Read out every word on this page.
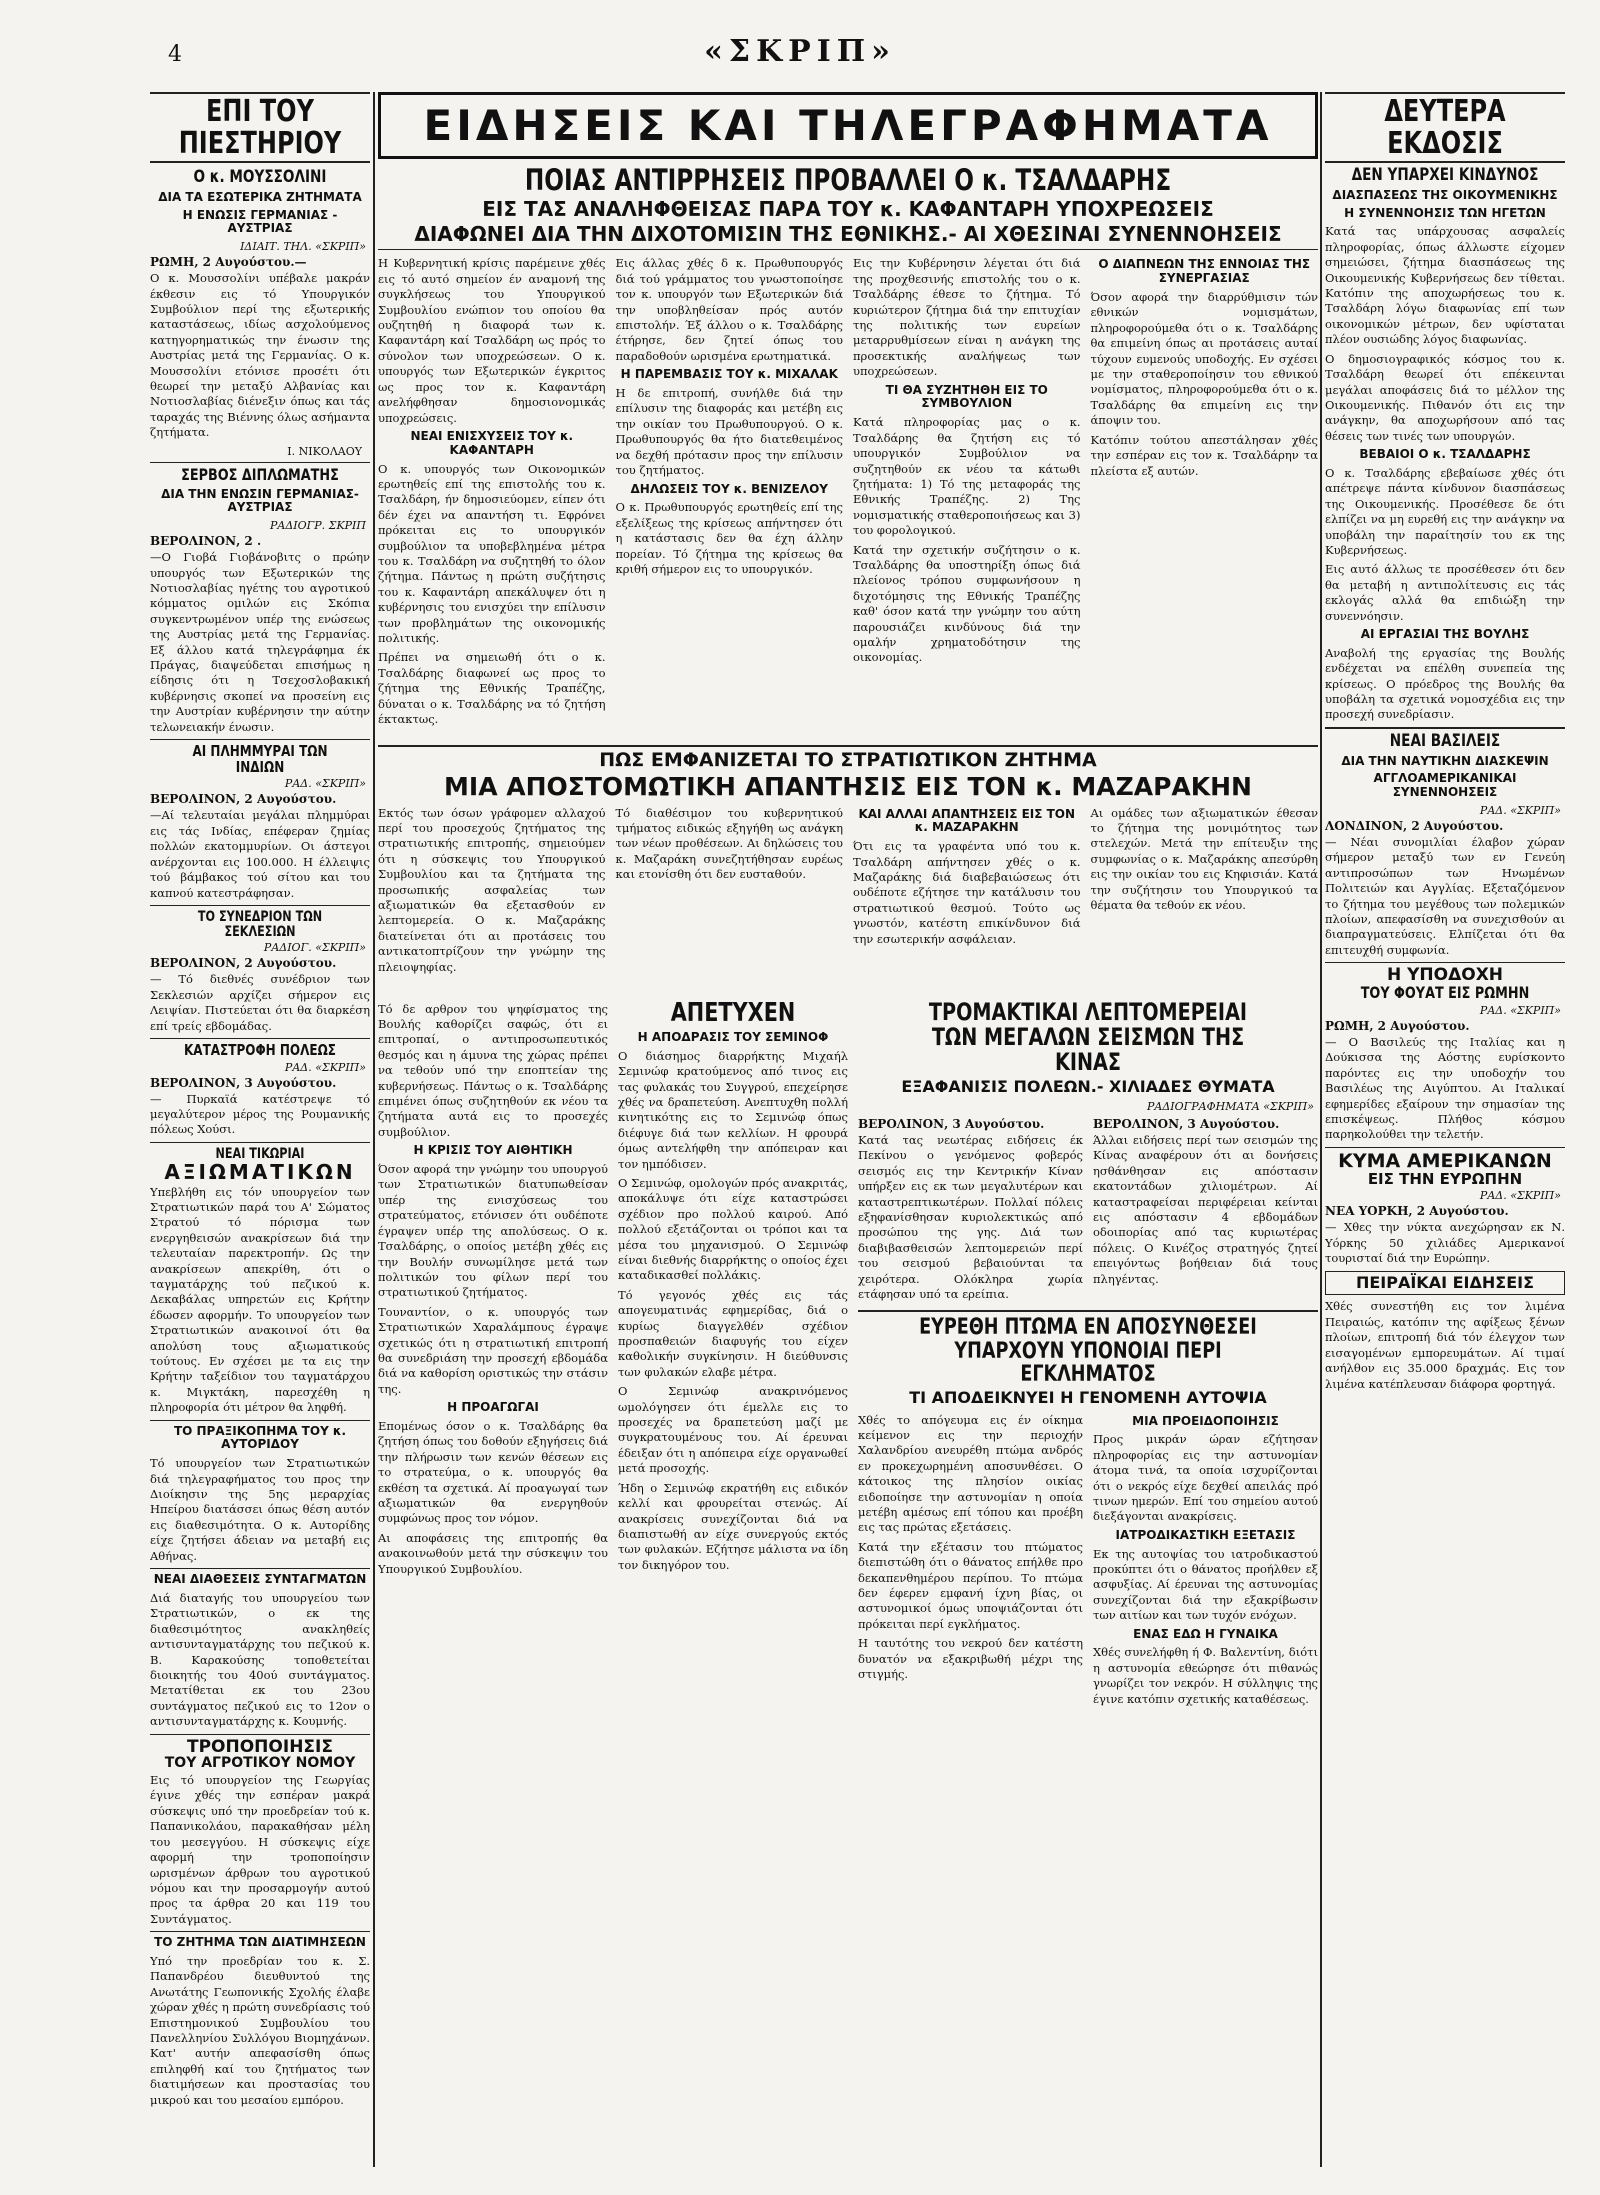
4	«ΣΚΡΙΠ»
ΕΠΙ ΤΟΥ ΠΙΕΣΤΗΡΙΟΥ
Ο κ. ΜΟΥΣΣΟΛΙΝΙ
ΔΙΑ ΤΑ ΕΣΩΤΕΡΙΚΑ ΖΗΤΗΜΑΤΑ
Η ΕΝΩΣΙΣ ΓΕΡΜΑΝΙΑΣ - ΑΥΣΤΡΙΑΣ
ΙΔΙΑΙΤ. ΤΗΛ. «ΣΚΡΙΠ»
ΡΩΜΗ, 2 Αυγούστου.—

Ο κ. Μουσσολίνι υπέβαλε μακράν έκθεσιν εις τό Υπουργικόν Συμβούλιον περί της εξωτερικής καταστάσεως, ιδίως ασχολούμενος κατηγορηματικώς την ένωσιν της Αυστρίας μετά της Γερμανίας. Ο κ. Μουσσολίνι ετόνισε προσέτι ότι θεωρεί την μεταξύ Αλβανίας και Νοτιοσλαβίας διένεξιν όπως και τάς ταραχάς της Βιέννης όλως ασήμαντα ζητήματα.

Ι. ΝΙΚΟΛΑΟΥ
ΣΕΡΒΟΣ ΔΙΠΛΩΜΑΤΗΣ
ΔΙΑ ΤΗΝ ΕΝΩΣΙΝ ΓΕΡΜΑΝΙΑΣ-ΑΥΣΤΡΙΑΣ
ΡΑΔΙΟΓΡ. ΣΚΡΙΠ
ΒΕΡΟΛΙΝΟΝ, 2 .

—Ο Γιοβά Γιοβάνοβιτς ο πρώην υπουργός των Εξωτερικών της Νοτιοσλαβίας ηγέτης του αγροτικού κόμματος ομιλών εις Σκόπια συγκεντρωμένον υπέρ της ενώσεως της Αυστρίας μετά της Γερμανίας. Εξ άλλου κατά τηλεγράφημα έκ Πράγας, διαψεύδεται επισήμως η είδησις ότι η Τσεχοσλοβακική κυβέρνησις σκοπεί να προσείνη εις την Αυστρίαν κυβέρνησιν την αύτην τελωνειακήν ένωσιν.

ΑΙ ΠΛΗΜΜΥΡΑΙ ΤΩΝ ΙΝΔΙΩΝ
ΡΑΔ. «ΣΚΡΙΠ»
ΒΕΡΟΛΙΝΟΝ, 2 Αυγούστου.

—Αί τελευταίαι μεγάλαι πλημμύραι εις τάς Ινδίας, επέφεραν ζημίας πολλών εκατομμυρίων. Οι άστεγοι ανέρχονται εις 100.000. Η έλλειψις τού βάμβακος τού σίτου και του καπνού κατεστράφησαν.

ΤΟ ΣΥΝΕΔΡΙΟΝ ΤΩΝ ΣΕΚΛΕΣΙΩΝ
ΡΑΔΙΟΓ. «ΣΚΡΙΠ»
ΒΕΡΟΛΙΝΟΝ, 2 Αυγούστου.

— Τό διεθνές συνέδριον των Σεκλεσιών αρχίζει σήμερον εις Λειψίαν. Πιστεύεται ότι θα διαρκέση επί τρείς εβδομάδας.

ΚΑΤΑΣΤΡΟΦΗ ΠΟΛΕΩΣ
ΡΑΔ. «ΣΚΡΙΠ»
ΒΕΡΟΛΙΝΟΝ, 3 Αυγούστου.

— Πυρκαϊά κατέστρεψε τό μεγαλύτερον μέρος της Ρουμανικής πόλεως Χούσι.

ΝΕΑΙ ΤΙΚΩΡΙΑΙ
ΑΞΙΩΜΑΤΙΚΩΝ

Υπεβλήθη εις τόν υπουργείον των Στρατιωτικών παρά του Α' Σώματος Στρατού τό πόρισμα των ενεργηθεισών ανακρίσεων διά την τελευταίαν παρεκτροπήν. Ως την ανακρίσεων απεκρίθη, ότι ο ταγματάρχης τού πεζικού κ. Δεκαβάλας υπηρετών εις Κρήτην έδωσεν αφορμήν. Το υπουργείον των Στρατιωτικών ανακοινοί ότι θα απολύση τους αξιωματικούς τούτους. Εν σχέσει με τα εις την Κρήτην ταξείδιον του ταγματάρχου κ. Μιγκτάκη, παρεσχέθη η πληροφορία ότι μέτρον θα ληφθή.

ΤΟ ΠΡΑΞΙΚΟΠΗΜΑ ΤΟΥ κ. ΑΥΤΟΡΙΔΟΥ

Τό υπουργείον των Στρατιωτικών διά τηλεγραφήματος του προς την Διοίκησιν της 5ης μεραρχίας Ηπείρου διατάσσει όπως θέση αυτόν εις διαθεσιμότητα. Ο κ. Αυτορίδης είχε ζητήσει άδειαν να μεταβή εις Αθήνας.

ΝΕΑΙ ΔΙΑΘΕΣΕΙΣ ΣΥΝΤΑΓΜΑΤΩΝ

Διά διαταγής του υπουργείου των Στρατιωτικών, ο εκ της διαθεσιμότητος ανακληθείς αντισυνταγματάρχης του πεζικού κ. Β. Καρακούσης τοποθετείται διοικητής του 40ού συντάγματος. Μετατίθεται εκ του 23ου συντάγματος πεζικού εις το 12ον ο αντισυνταγματάρχης κ. Κουμνής.

ΤΡΟΠΟΠΟΙΗΣΙΣ
ΤΟΥ ΑΓΡΟΤΙΚΟΥ ΝΟΜΟΥ

Εις τό υπουργείον της Γεωργίας έγινε χθές την εσπέραν μακρά σύσκεψις υπό την προεδρείαν τού κ. Παπανικολάου, παρακαθήσαν μέλη του μεσεγγύου. Η σύσκεψις είχε αφορμή την τροποποίησιν ωρισμένων άρθρων του αγροτικού νόμου και την προσαρμογήν αυτού προς τα άρθρα 20 και 119 του Συντάγματος.

ΤΟ ΖΗΤΗΜΑ ΤΩΝ ΔΙΑΤΙΜΗΣΕΩΝ

Υπό την προεδρίαν του κ. Σ. Παπανδρέου διευθυντού της Ανωτάτης Γεωπονικής Σχολής έλαβε χώραν χθές η πρώτη συνεδρίασις τού Επιστημονικού Συμβουλίου του Πανελληνίου Συλλόγου Βιομηχάνων. Κατ' αυτήν απεφασίσθη όπως επιληφθή καί του ζητήματος των διατιμήσεων και προστασίας του μικρού και του μεσαίου εμπόρου.

ΕΙΔΗΣΕΙΣ ΚΑΙ ΤΗΛΕΓΡΑΦΗΜΑΤΑ
ΠΟΙΑΣ ΑΝΤΙΡΡΗΣΕΙΣ ΠΡΟΒΑΛΛΕΙ Ο κ. ΤΣΑΛΔΑΡΗΣ
ΕΙΣ ΤΑΣ ΑΝΑΛΗΦΘΕΙΣΑΣ ΠΑΡΑ ΤΟΥ κ. ΚΑΦΑΝΤΑΡΗ ΥΠΟΧΡΕΩΣΕΙΣ
ΔΙΑΦΩΝΕΙ ΔΙΑ ΤΗΝ ΔΙΧΟΤΟΜΙΣΙΝ ΤΗΣ ΕΘΝΙΚΗΣ.- ΑΙ ΧΘΕΣΙΝΑΙ ΣΥΝΕΝΝΟΗΣΕΙΣ

Η Κυβερνητική κρίσις παρέμεινε χθές εις τό αυτό σημείον έν αναμονή της συγκλήσεως του Υπουργικού Συμβουλίου ενώπιον του οποίου θα ουζητηθή η διαφορά των κ. Καφαντάρη καί Τσαλδάρη ως πρός το σύνολον των υποχρεώσεων. Ο κ. υπουργός των Εξωτερικών έγκριτος ως προς τον κ. Καφαντάρη ανελήφθησαν δημοσιονομικάς υποχρεώσεις.

ΝΕΑΙ ΕΝΙΣΧΥΣΕΙΣ ΤΟΥ κ. ΚΑΦΑΝΤΑΡΗ

Ο κ. υπουργός των Οικονομικών ερωτηθείς επί της επιστολής του κ. Τσαλδάρη, ήν δημοσιεύομεν, είπεν ότι δέν έχει να απαντήση τι. Εφρόνει πρόκειται εις το υπουργικόν συμβούλιον τα υποβεβλημένα μέτρα του κ. Τσαλδάρη να συζητηθή το όλον ζήτημα. Πάντως η πρώτη συζήτησις του κ. Καφαντάρη απεκάλυψεν ότι η κυβέρνησις του ενισχύει την επίλυσιν των προβλημάτων της οικονομικής πολιτικής.

Πρέπει να σημειωθή ότι ο κ. Τσαλδάρης διαφωνεί ως προς το ζήτημα της Εθνικής Τραπέζης, δύναται ο κ. Τσαλδάρης να τό ζητήση έκτακτως.

Εις άλλας χθές δ κ. Πρωθυπουργός διά τού γράμματος του γνωστοποίησε τον κ. υπουργόν των Εξωτερικών διά την υποβληθείσαν πρός αυτόν επιστολήν. Έξ άλλου ο κ. Τσαλδάρης έτήρησε, δεν ζητεί όπως του παραδοθούν ωρισμένα ερωτηματικά.

Η ΠΑΡΕΜΒΑΣΙΣ ΤΟΥ κ. ΜΙΧΑΛΑΚ

Η δε επιτροπή, συνήλθε διά την επίλυσιν της διαφοράς και μετέβη εις την οικίαν του Πρωθυπουργού. Ο κ. Πρωθυπουργός θα ήτο διατεθειμένος να δεχθή πρότασιν προς την επίλυσιν του ζητήματος.

ΔΗΛΩΣΕΙΣ ΤΟΥ κ. ΒΕΝΙΖΕΛΟΥ

Ο κ. Πρωθυπουργός ερωτηθείς επί της εξελίξεως της κρίσεως απήντησεν ότι η κατάστασις δεν θα έχη άλλην πορείαν. Τό ζήτημα της κρίσεως θα κριθή σήμερον εις το υπουργικόν.

Εις την Κυβέρνησιν λέγεται ότι διά της προχθεσινής επιστολής του ο κ. Τσαλδάρης έθεσε το ζήτημα. Τό κυριώτερον ζήτημα διά την επιτυχίαν της πολιτικής των ευρείων μεταρρυθμίσεων είναι η ανάγκη της προσεκτικής αναλήψεως των υποχρεώσεων.

ΤΙ ΘΑ ΣΥΖΗΤΗΘΗ ΕΙΣ ΤΟ ΣΥΜΒΟΥΛΙΟΝ

Κατά πληροφορίας μας ο κ. Τσαλδάρης θα ζητήση εις τό υπουργικόν Συμβούλιον να συζητηθούν εκ νέου τα κάτωθι ζητήματα: 1) Τό της μεταφοράς της Εθνικής Τραπέζης. 2) Της νομισματικής σταθεροποιήσεως και 3) του φορολογικού.

Κατά την σχετικήν συζήτησιν ο κ. Τσαλδάρης θα υποστηρίξη όπως διά πλείονος τρόπου συμφωνήσουν η διχοτόμησις της Εθνικής Τραπέζης καθ' όσον κατά την γνώμην του αύτη παρουσιάζει κινδύνους διά την ομαλήν χρηματοδότησιν της οικονομίας.

Ο ΔΙΑΠΝΕΩΝ ΤΗΣ ΕΝΝΟΙΑΣ ΤΗΣ ΣΥΝΕΡΓΑΣΙΑΣ

Όσον αφορά την διαρρύθμισιν τών εθνικών νομισμάτων, πληροφορούμεθα ότι ο κ. Τσαλδάρης θα επιμείνη όπως αι προτάσεις αυταί τύχουν ευμενούς υποδοχής. Εν σχέσει με την σταθεροποίησιν του εθνικού νομίσματος, πληροφορούμεθα ότι ο κ. Τσαλδάρης θα επιμείνη εις την άποψιν του.

Κατόπιν τούτου απεστάλησαν χθές την εσπέραν εις τον κ. Τσαλδάρην τα πλείστα εξ αυτών.

ΠΩΣ ΕΜΦΑΝΙΖΕΤΑΙ ΤΟ ΣΤΡΑΤΙΩΤΙΚΟΝ ΖΗΤΗΜΑ
ΜΙΑ ΑΠΟΣΤΟΜΩΤΙΚΗ ΑΠΑΝΤΗΣΙΣ ΕΙΣ ΤΟΝ κ. ΜΑΖΑΡΑΚΗΝ

Εκτός των όσων γράφομεν αλλαχού περί του προσεχούς ζητήματος της στρατιωτικής επιτροπής, σημειούμεν ότι η σύσκεψις του Υπουργικού Συμβουλίου και τα ζητήματα της προσωπικής ασφαλείας των αξιωματικών θα εξετασθούν εν λεπτομερεία. Ο κ. Μαζαράκης διατείνεται ότι αι προτάσεις του αντικατοπτρίζουν την γνώμην της πλειοψηφίας.

Τό διαθέσιμον του κυβερνητικού τμήματος ειδικώς εξηγήθη ως ανάγκη των νέων προθέσεων. Αι δηλώσεις του κ. Μαζαράκη συνεζητήθησαν ευρέως και ετονίσθη ότι δεν ευσταθούν.

ΚΑΙ ΑΛΛΑΙ ΑΠΑΝΤΗΣΕΙΣ ΕΙΣ ΤΟΝ κ. ΜΑΖΑΡΑΚΗΝ

Ότι εις τα γραφέντα υπό του κ. Τσαλδάρη απήντησεν χθές ο κ. Μαζαράκης διά διαβεβαιώσεως ότι ουδέποτε εζήτησε την κατάλυσιν του στρατιωτικού θεσμού. Τούτο ως γνωστόν, κατέστη επικίνδυνον διά την εσωτερικήν ασφάλειαν.

Αι ομάδες των αξιωματικών έθεσαν το ζήτημα της μονιμότητος των στελεχών. Μετά την επίτευξιν της συμφωνίας ο κ. Μαζαράκης απεσύρθη εις την οικίαν του εις Κηφισιάν. Κατά την συζήτησιν του Υπουργικού τα θέματα θα τεθούν εκ νέου.

Τό δε αρθρον του ψηφίσματος της Βουλής καθορίζει σαφώς, ότι ει επιτροπαί, ο αντιπροσωπευτικός θεσμός και η άμυνα της χώρας πρέπει να τεθούν υπό την εποπτείαν της κυβερνήσεως. Πάντως ο κ. Τσαλδάρης επιμένει όπως συζητηθούν εκ νέου τα ζητήματα αυτά εις το προσεχές συμβούλιον.

Η ΚΡΙΣΙΣ ΤΟΥ ΑΙΘΗΤΙΚΗ

Όσον αφορά την γνώμην του υπουργού των Στρατιωτικών διατυπωθείσαν υπέρ της ενισχύσεως του στρατεύματος, ετόνισεν ότι ουδέποτε έγραψεν υπέρ της απολύσεως. Ο κ. Τσαλδάρης, ο οποίος μετέβη χθές εις την Βουλήν συνωμίλησε μετά των πολιτικών του φίλων περί του στρατιωτικού ζητήματος.

Τουναντίον, ο κ. υπουργός των Στρατιωτικών Χαραλάμπους έγραψε σχετικώς ότι η στρατιωτική επιτροπή θα συνεδριάση την προσεχή εβδομάδα διά να καθορίση οριστικώς την στάσιν της.

Η ΠΡΟΑΓΩΓΑΙ

Επομένως όσον ο κ. Τσαλδάρης θα ζητήση όπως του δοθούν εξηγήσεις διά την πλήρωσιν των κενών θέσεων εις το στρατεύμα, ο κ. υπουργός θα εκθέση τα σχετικά. Αί προαγωγαί των αξιωματικών θα ενεργηθούν συμφώνως προς τον νόμον.

Αι αποφάσεις της επιτροπής θα ανακοινωθούν μετά την σύσκεψιν του Υπουργικού Συμβουλίου.

ΑΠΕΤΥΧΕΝ
Η ΑΠΟΔΡΑΣΙΣ ΤΟΥ ΣΕΜΙΝΟΦ

Ο διάσημος διαρρήκτης Μιχαήλ Σεμινώφ κρατούμενος από τινος εις τας φυλακάς του Συγγρού, επεχείρησε χθές να δραπετεύση. Ανεπτυχθη πολλή κινητικότης εις το Σεμινώφ όπως διέφυγε διά των κελλίων. Η φρουρά όμως αντελήφθη την απόπειραν και τον ημπόδισεν.

Ο Σεμινώφ, ομολογών πρός ανακριτάς, αποκάλυψε ότι είχε καταστρώσει σχέδιον προ πολλού καιρού. Από πολλού εξετάζονται οι τρόποι και τα μέσα του μηχανισμού. Ο Σεμινώφ είναι διεθνής διαρρήκτης ο οποίος έχει καταδικασθεί πολλάκις.

Τό γεγονός χθές εις τάς απογευματινάς εφημερίδας, διά ο κυρίως διαγγελθέν σχέδιον προσπαθειών διαφυγής του είχεν καθολικήν συγκίνησιν. Η διεύθυνσις των φυλακών ελαβε μέτρα.

Ο Σεμινώφ ανακρινόμενος ωμολόγησεν ότι έμελλε εις το προσεχές να δραπετεύση μαζί με συγκρατουμένους του. Αί έρευναι έδειξαν ότι η απόπειρα είχε οργανωθεί μετά προσοχής.

Ήδη ο Σεμινώφ εκρατήθη εις ειδικόν κελλί και φρουρείται στενώς. Αί ανακρίσεις συνεχίζονται διά να διαπιστωθή αν είχε συνεργούς εκτός των φυλακών. Εζήτησε μάλιστα να ίδη τον δικηγόρον του.

ΤΡΟΜΑΚΤΙΚΑΙ ΛΕΠΤΟΜΕΡΕΙΑΙ
ΤΩΝ ΜΕΓΑΛΩΝ ΣΕΙΣΜΩΝ ΤΗΣ ΚΙΝΑΣ
ΕΞΑΦΑΝΙΣΙΣ ΠΟΛΕΩΝ.- ΧΙΛΙΑΔΕΣ ΘΥΜΑΤΑ
ΡΑΔΙΟΓΡΑΦΗΜΑΤΑ «ΣΚΡΙΠ»
ΒΕΡΟΛΙΝΟΝ, 3 Αυγούστου.

Κατά τας νεωτέρας ειδήσεις έκ Πεκίνου ο γενόμενος φοβερός σεισμός εις την Κεντρικήν Κίναν υπήρξεν εις εκ των μεγαλυτέρων και καταστρεπτικωτέρων. Πολλαί πόλεις εξηφανίσθησαν κυριολεκτικώς από προσώπου της γης. Διά των διαβιβασθεισών λεπτομερειών περί του σεισμού βεβαιούνται τα χειρότερα. Ολόκληρα χωρία ετάφησαν υπό τα ερείπια.

ΒΕΡΟΛΙΝΟΝ, 3 Αυγούστου.

Άλλαι ειδήσεις περί των σεισμών της Κίνας αναφέρουν ότι αι δονήσεις ησθάνθησαν εις απόστασιν εκατοντάδων χιλιομέτρων. Αί καταστραφείσαι περιφέρειαι κείνται εις απόστασιν 4 εβδομάδων οδοιπορίας από τας κυριωτέρας πόλεις. Ο Κινέζος στρατηγός ζητεί επειγόντως βοήθειαν διά τους πληγέντας.

ΕΥΡΕΘΗ ΠΤΩΜΑ ΕΝ ΑΠΟΣΥΝΘΕΣΕΙ
ΥΠΑΡΧΟΥΝ ΥΠΟΝΟΙΑΙ ΠΕΡΙ ΕΓΚΛΗΜΑΤΟΣ
ΤΙ ΑΠΟΔΕΙΚΝΥΕΙ Η ΓΕΝΟΜΕΝΗ ΑΥΤΟΨΙΑ

Χθές το απόγευμα εις έν οίκημα κείμενον εις την περιοχήν Χαλανδρίου ανευρέθη πτώμα ανδρός εν προκεχωρημένη αποσυνθέσει. Ο κάτοικος της πλησίον οικίας ειδοποίησε την αστυνομίαν η οποία μετέβη αμέσως επί τόπου και προέβη εις τας πρώτας εξετάσεις.

Κατά την εξέτασιν του πτώματος διεπιστώθη ότι ο θάνατος επήλθε προ δεκαπενθημέρου περίπου. Το πτώμα δεν έφερεν εμφανή ίχνη βίας, οι αστυνομικοί όμως υποψιάζονται ότι πρόκειται περί εγκλήματος.

Η ταυτότης του νεκρού δεν κατέστη δυνατόν να εξακριβωθή μέχρι της στιγμής.

ΜΙΑ ΠΡΟΕΙΔΟΠΟΙΗΣΙΣ

Προς μικράν ώραν εζήτησαν πληροφορίας εις την αστυνομίαν άτομα τινά, τα οποία ισχυρίζονται ότι ο νεκρός είχε δεχθεί απειλάς πρό τινων ημερών. Επί του σημείου αυτού διεξάγονται ανακρίσεις.

ΙΑΤΡΟΔΙΚΑΣΤΙΚΗ ΕΞΕΤΑΣΙΣ

Εκ της αυτοψίας του ιατροδικαστού προκύπτει ότι ο θάνατος προήλθεν εξ ασφυξίας. Αί έρευναι της αστυνομίας συνεχίζονται διά την εξακρίβωσιν των αιτίων και των τυχόν ενόχων.

ΕΝΑΣ ΕΔΩ Η ΓΥΝΑΙΚΑ

Χθές συνελήφθη ή Φ. Βαλεντίνη, διότι η αστυνομία εθεώρησε ότι πιθανώς γνωρίζει τον νεκρόν. Η σύλληψις της έγινε κατόπιν σχετικής καταθέσεως.

ΔΕΥΤΕΡΑ ΕΚΔΟΣΙΣ
ΔΕΝ ΥΠΑΡΧΕΙ ΚΙΝΔΥΝΟΣ
ΔΙΑΣΠΑΣΕΩΣ ΤΗΣ ΟΙΚΟΥΜΕΝΙΚΗΣ
Η ΣΥΝΕΝΝΟΗΣΙΣ ΤΩΝ ΗΓΕΤΩΝ

Κατά τας υπάρχουσας ασφαλείς πληροφορίας, όπως άλλωστε είχομεν σημειώσει, ζήτημα διασπάσεως της Οικουμενικής Κυβερνήσεως δεν τίθεται. Κατόπιν της αποχωρήσεως του κ. Τσαλδάρη λόγω διαφωνίας επί των οικονομικών μέτρων, δεν υφίσταται πλέον ουσιώδης λόγος διαφωνίας.

Ο δημοσιογραφικός κόσμος του κ. Τσαλδάρη θεωρεί ότι επέκεινται μεγάλαι αποφάσεις διά το μέλλον της Οικουμενικής. Πιθανόν ότι εις την ανάγκην, θα αποχωρήσουν από τας θέσεις των τινές των υπουργών.

ΒΕΒΑΙΟΙ Ο κ. ΤΣΑΛΔΑΡΗΣ

Ο κ. Τσαλδάρης εβεβαίωσε χθές ότι απέτρεψε πάντα κίνδυνον διασπάσεως της Οικουμενικής. Προσέθεσε δε ότι ελπίζει να μη ευρεθή εις την ανάγκην να υποβάλη την παραίτησίν του εκ της Κυβερνήσεως.

Εις αυτό άλλως τε προσέθεσεν ότι δεν θα μεταβή η αντιπολίτευσις εις τάς εκλογάς αλλά θα επιδιώξη την συνεννόησιν.

ΑΙ ΕΡΓΑΣΙΑΙ ΤΗΣ ΒΟΥΛΗΣ

Αναβολή της εργασίας της Βουλής ενδέχεται να επέλθη συνεπεία της κρίσεως. Ο πρόεδρος της Βουλής θα υποβάλη τα σχετικά νομοσχέδια εις την προσεχή συνεδρίασιν.

ΝΕΑΙ ΒΑΣΙΛΕΙΣ
ΔΙΑ ΤΗΝ ΝΑΥΤΙΚΗΝ ΔΙΑΣΚΕΨΙΝ
ΑΓΓΛΟΑΜΕΡΙΚΑΝΙΚΑΙ ΣΥΝΕΝΝΟΗΣΕΙΣ
ΡΑΔ. «ΣΚΡΙΠ»
ΛΟΝΔΙΝΟΝ, 2 Αυγούστου.

— Νέαι συνομιλίαι έλαβον χώραν σήμερον μεταξύ των εν Γενεύη αντιπροσώπων των Ηνωμένων Πολιτειών και Αγγλίας. Εξεταζόμενον το ζήτημα του μεγέθους των πολεμικών πλοίων, απεφασίσθη να συνεχισθούν αι διαπραγματεύσεις. Ελπίζεται ότι θα επιτευχθή συμφωνία.

Η ΥΠΟΔΟΧΗ
ΤΟΥ ΦΟΥΑΤ ΕΙΣ ΡΩΜΗΝ
ΡΑΔ. «ΣΚΡΙΠ»
ΡΩΜΗ, 2 Αυγούστου.

— Ο Βασιλεύς της Ιταλίας και η Δούκισσα της Αόστης ευρίσκοντο παρόντες εις την υποδοχήν του Βασιλέως της Αιγύπτου. Αι Ιταλικαί εφημερίδες εξαίρουν την σημασίαν της επισκέψεως. Πλήθος κόσμου παρηκολούθει την τελετήν.

ΚΥΜΑ ΑΜΕΡΙΚΑΝΩΝ
ΕΙΣ ΤΗΝ ΕΥΡΩΠΗΝ
ΡΑΔ. «ΣΚΡΙΠ»
ΝΕΑ ΥΟΡΚΗ, 2 Αυγούστου.

— Χθες την νύκτα ανεχώρησαν εκ Ν. Υόρκης 50 χιλιάδες Αμερικανοί τουρισταί διά την Ευρώπην.

ΠΕΙΡΑΪΚΑΙ ΕΙΔΗΣΕΙΣ

Χθές συνεστήθη εις τον λιμένα Πειραιώς, κατόπιν της αφίξεως ξένων πλοίων, επιτροπή διά τόν έλεγχον των εισαγομένων εμπορευμάτων. Αί τιμαί ανήλθον εις 35.000 δραχμάς. Εις τον λιμένα κατέπλευσαν διάφορα φορτηγά.
